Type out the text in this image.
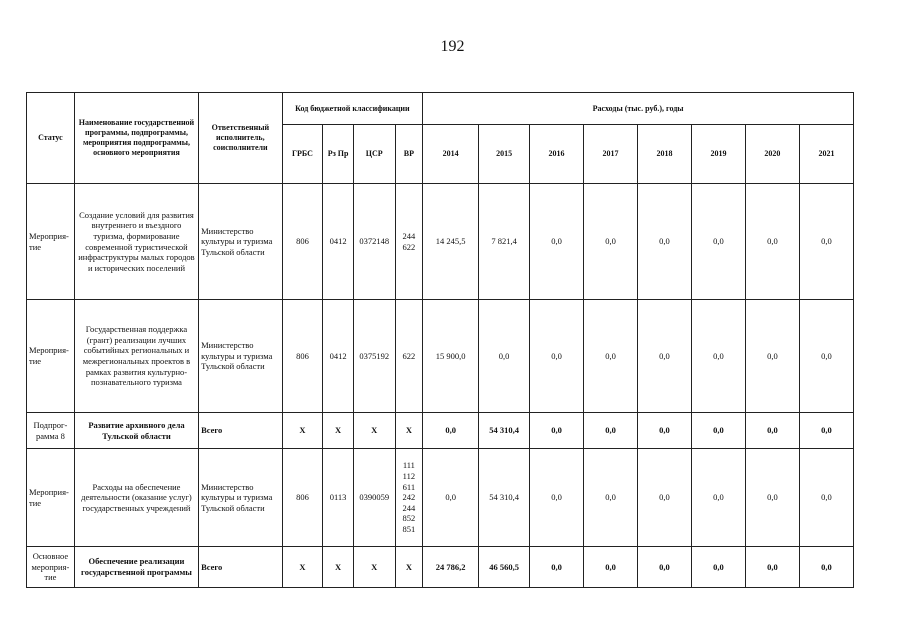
192
Статус	Наименование государственной программы, подпрограммы, мероприятия подпрограммы, основного мероприятия	Ответственный исполнитель, соисполнители	Код бюджетной классификации				Расходы (тыс. руб.), годы							
			ГРБС	Рз Пр	ЦСР	ВР	2014	2015	2016	2017	2018	2019	2020	2021
Мероприя-тие	Создание условий для развития внутреннего и въездного туризма, формирование современной туристической инфраструктуры малых городов и исторических поселений	Министерство культуры и туризма Тульской области	806	0412	0372148	244 622	14 245,5	7 821,4	0,0	0,0	0,0	0,0	0,0	0,0
Мероприя-тие	Государственная поддержка (грант) реализации лучших событийных региональных и межрегиональных проектов в рамках развития культурно-познавательного туризма	Министерство культуры и туризма Тульской области	806	0412	0375192	622	15 900,0	0,0	0,0	0,0	0,0	0,0	0,0	0,0
Подпрог-рамма 8	Развитие архивного дела Тульской области	Всего	X	X	X	X	0,0	54 310,4	0,0	0,0	0,0	0,0	0,0	0,0
Мероприя-тие	Расходы на обеспечение деятельности (оказание услуг) государственных учреждений	Министерство культуры и туризма Тульской области	806	0113	0390059	111 112 611 242 244 852 851	0,0	54 310,4	0,0	0,0	0,0	0,0	0,0	0,0
Основное мероприя-тие	Обеспечение реализации государственной программы	Всего	X	X	X	X	24 786,2	46 560,5	0,0	0,0	0,0	0,0	0,0	0,0
